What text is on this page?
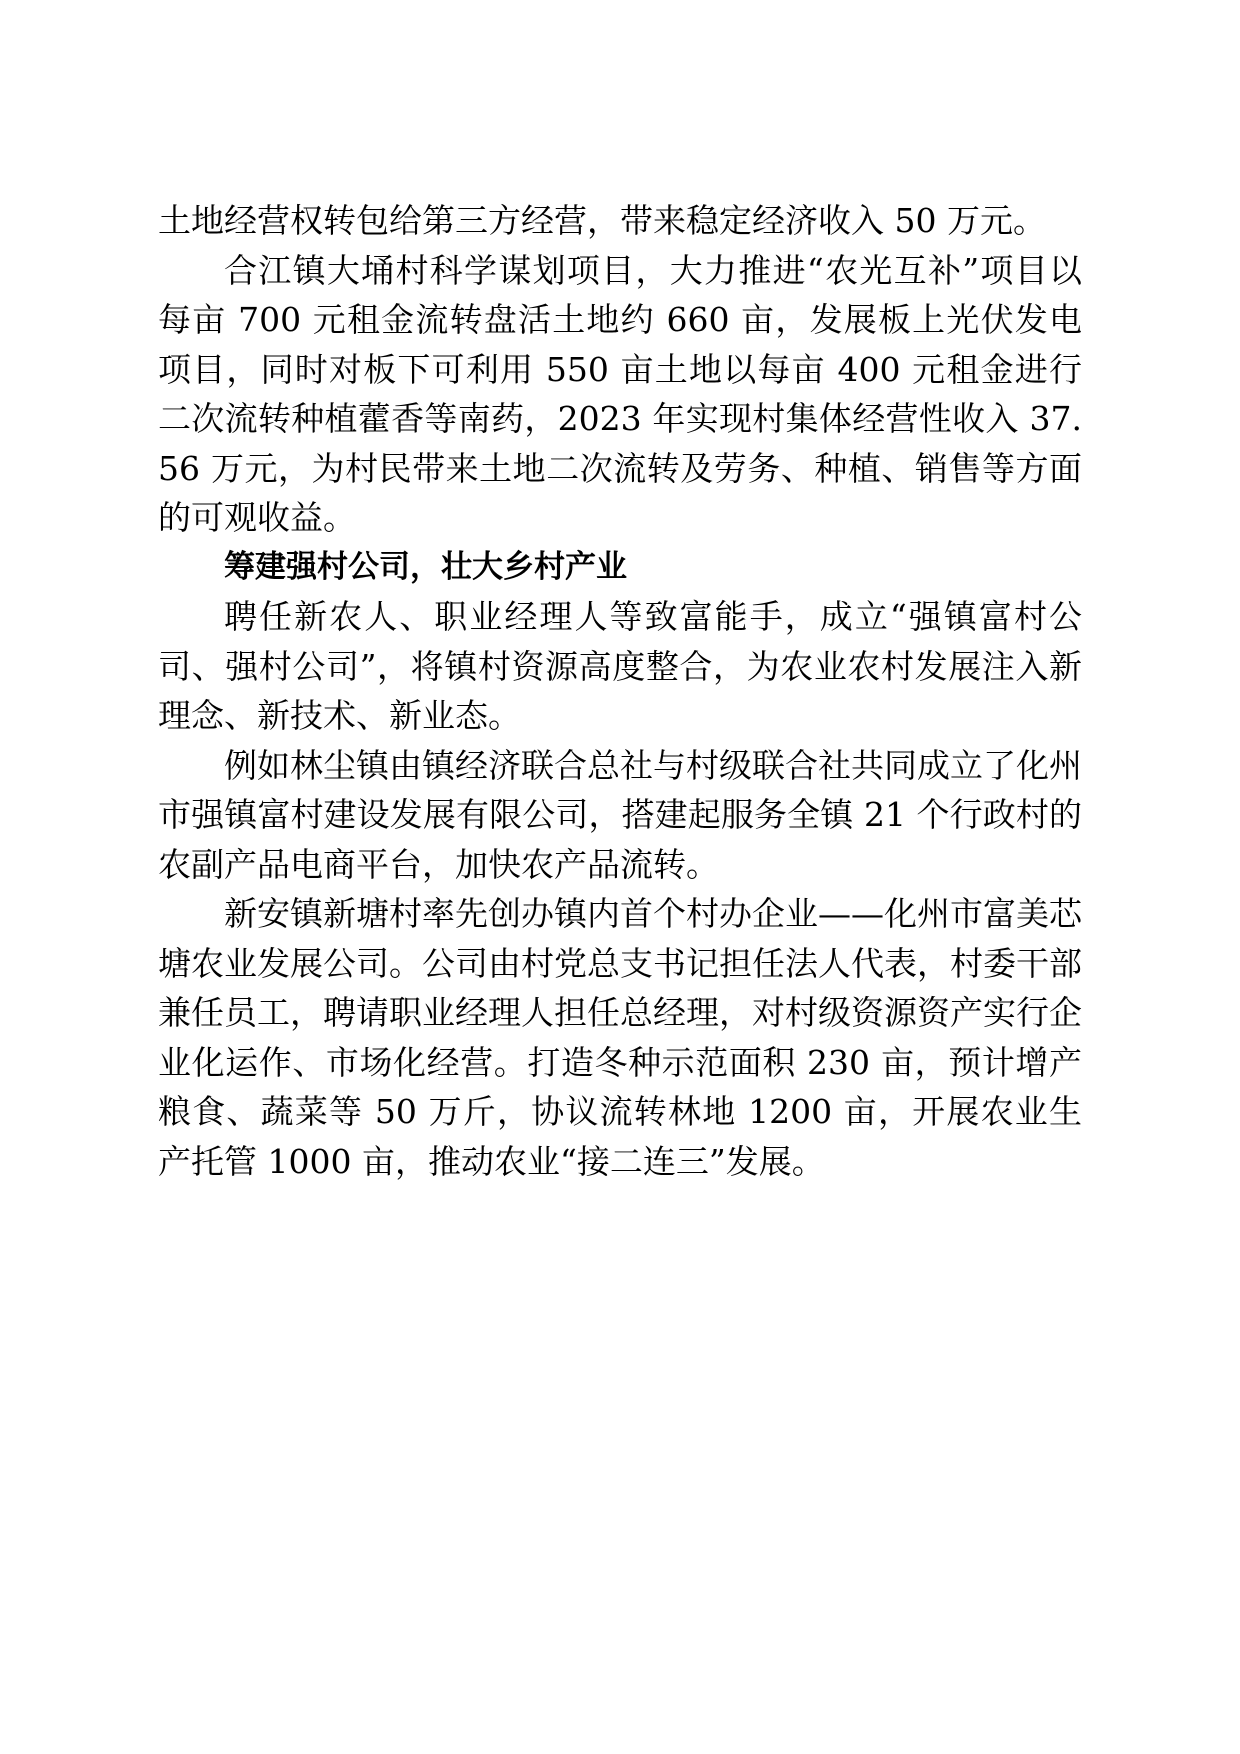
土地经营权转包给第三方经营，带来稳定经济收入 50 万元。

合江镇大埇村科学谋划项目，大力推进“农光互补”项目以每亩 700 元租金流转盘活土地约 660 亩，发展板上光伏发电项目，同时对板下可利用 550 亩土地以每亩 400 元租金进行二次流转种植藿香等南药，2023 年实现村集体经营性收入 37.56 万元，为村民带来土地二次流转及劳务、种植、销售等方面的可观收益。

筹建强村公司，壮大乡村产业

聘任新农人、职业经理人等致富能手，成立“强镇富村公司、强村公司”，将镇村资源高度整合，为农业农村发展注入新理念、新技术、新业态。

例如林尘镇由镇经济联合总社与村级联合社共同成立了化州市强镇富村建设发展有限公司，搭建起服务全镇 21 个行政村的农副产品电商平台，加快农产品流转。

新安镇新塘村率先创办镇内首个村办企业——化州市富美芯塘农业发展公司。公司由村党总支书记担任法人代表，村委干部兼任员工，聘请职业经理人担任总经理，对村级资源资产实行企业化运作、市场化经营。打造冬种示范面积 230 亩，预计增产粮食、蔬菜等 50 万斤，协议流转林地 1200 亩，开展农业生产托管 1000 亩，推动农业“接二连三”发展。
